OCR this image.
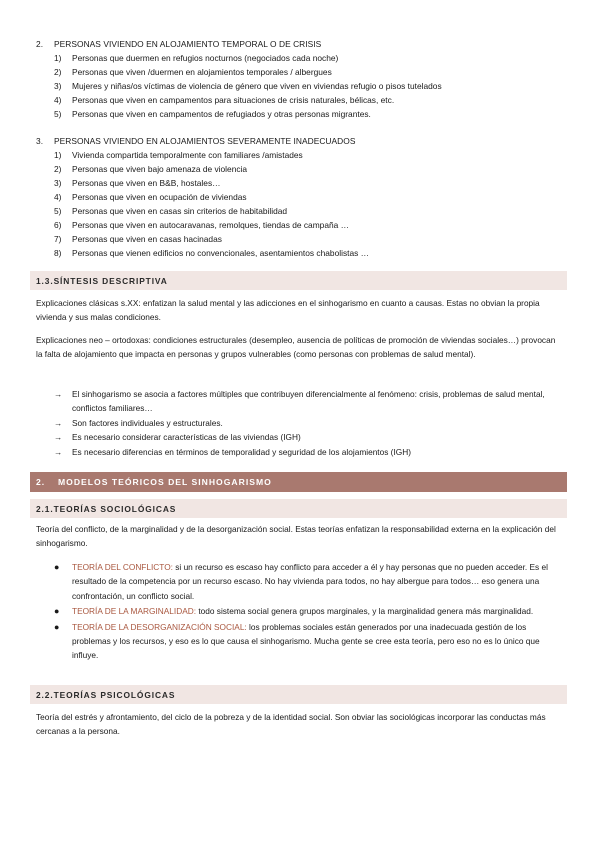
2.	PERSONAS VIVIENDO EN ALOJAMIENTO TEMPORAL O DE CRISIS
1)	Personas que duermen en refugios nocturnos (negociados cada noche)
2)	Personas que viven /duermen en alojamientos temporales / albergues
3)	Mujeres y niñas/os víctimas de violencia de género que viven en viviendas refugio o pisos tutelados
4)	Personas que viven en campamentos para situaciones de crisis naturales, bélicas, etc.
5)	Personas que viven en campamentos de refugiados y otras personas migrantes.
3.	PERSONAS VIVIENDO EN ALOJAMIENTOS SEVERAMENTE INADECUADOS
1)	Vivienda compartida temporalmente con familiares /amistades
2)	Personas que viven bajo amenaza de violencia
3)	Personas que viven en B&B, hostales…
4)	Personas que viven en ocupación de viviendas
5)	Personas que viven en casas sin criterios de habitabilidad
6)	Personas que viven en autocaravanas, remolques, tiendas de campaña …
7)	Personas que viven en casas hacinadas
8)	Personas que vienen edificios no convencionales, asentamientos chabolistas …
1.3.SÍNTESIS DESCRIPTIVA
Explicaciones clásicas s.XX: enfatizan la salud mental y las adicciones en el sinhogarismo en cuanto a causas. Estas no obvian la propia vivienda y sus malas condiciones.
Explicaciones neo – ortodoxas: condiciones estructurales (desempleo, ausencia de políticas de promoción de viviendas sociales…) provocan la falta de alojamiento que impacta en personas y grupos vulnerables (como personas con problemas de salud mental).
→	El sinhogarismo se asocia a factores múltiples que contribuyen diferencialmente al fenómeno: crisis, problemas de salud mental, conflictos familiares…
→	Son factores individuales y estructurales.
→	Es necesario considerar características de las viviendas (IGH)
→	Es necesario diferencias en términos de temporalidad y seguridad de los alojamientos (IGH)
2.	MODELOS TEÓRICOS DEL SINHOGARISMO
2.1.TEORÍAS SOCIOLÓGICAS
Teoría del conflicto, de la marginalidad y de la desorganización social. Estas teorías enfatizan la responsabilidad externa en la explicación del sinhogarismo.
●	TEORÍA DEL CONFLICTO: si un recurso es escaso hay conflicto para acceder a él y hay personas que no pueden acceder. Es el resultado de la competencia por un recurso escaso. No hay vivienda para todos, no hay albergue para todos… eso genera una confrontación, un conflicto social.
●	TEORÍA DE LA MARGINALIDAD: todo sistema social genera grupos marginales, y la marginalidad genera más marginalidad.
●	TEORÍA DE LA DESORGANIZACIÓN SOCIAL: los problemas sociales están generados por una inadecuada gestión de los problemas y los recursos, y eso es lo que causa el sinhogarismo. Mucha gente se cree esta teoría, pero eso no es lo único que influye.
2.2.TEORÍAS PSICOLÓGICAS
Teoría del estrés y afrontamiento, del ciclo de la pobreza y de la identidad social. Son obviar las sociológicas incorporar las conductas más cercanas a la persona.
